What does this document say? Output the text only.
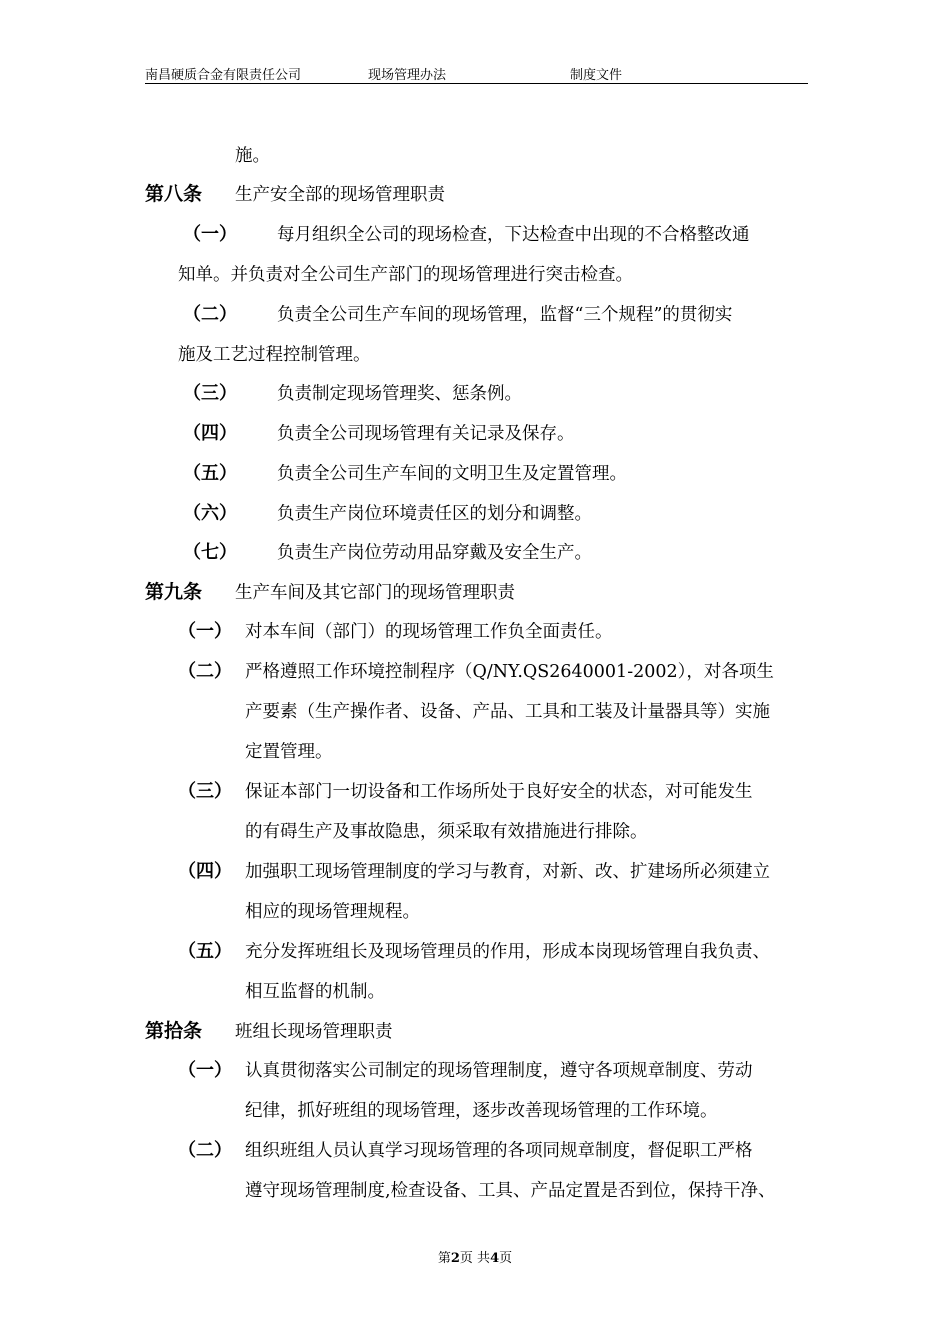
南昌硬质合金有限责任公司	现场管理办法	制度文件
施。
第八条 生产安全部的现场管理职责
（一） 每月组织全公司的现场检查，下达检查中出现的不合格整改通
知单。并负责对全公司生产部门的现场管理进行突击检查。
（二） 负责全公司生产车间的现场管理，监督“三个规程”的贯彻实
施及工艺过程控制管理。
（三） 负责制定现场管理奖、惩条例。
（四） 负责全公司现场管理有关记录及保存。
（五） 负责全公司生产车间的文明卫生及定置管理。
（六） 负责生产岗位环境责任区的划分和调整。
（七） 负责生产岗位劳动用品穿戴及安全生产。
第九条 生产车间及其它部门的现场管理职责
（一） 对本车间（部门）的现场管理工作负全面责任。
（二） 严格遵照工作环境控制程序（Q/NY.QS2640001-2002），对各项生
产要素（生产操作者、设备、产品、工具和工装及计量器具等）实施
定置管理。
（三） 保证本部门一切设备和工作场所处于良好安全的状态，对可能发生
的有碍生产及事故隐患，须采取有效措施进行排除。
（四） 加强职工现场管理制度的学习与教育，对新、改、扩建场所必须建立
相应的现场管理规程。
（五） 充分发挥班组长及现场管理员的作用，形成本岗现场管理自我负责、
相互监督的机制。
第拾条 班组长现场管理职责
（一） 认真贯彻落实公司制定的现场管理制度，遵守各项规章制度、劳动
纪律，抓好班组的现场管理，逐步改善现场管理的工作环境。
（二） 组织班组人员认真学习现场管理的各项同规章制度，督促职工严格
遵守现场管理制度,检查设备、工具、产品定置是否到位，保持干净、
第2页 共4页
